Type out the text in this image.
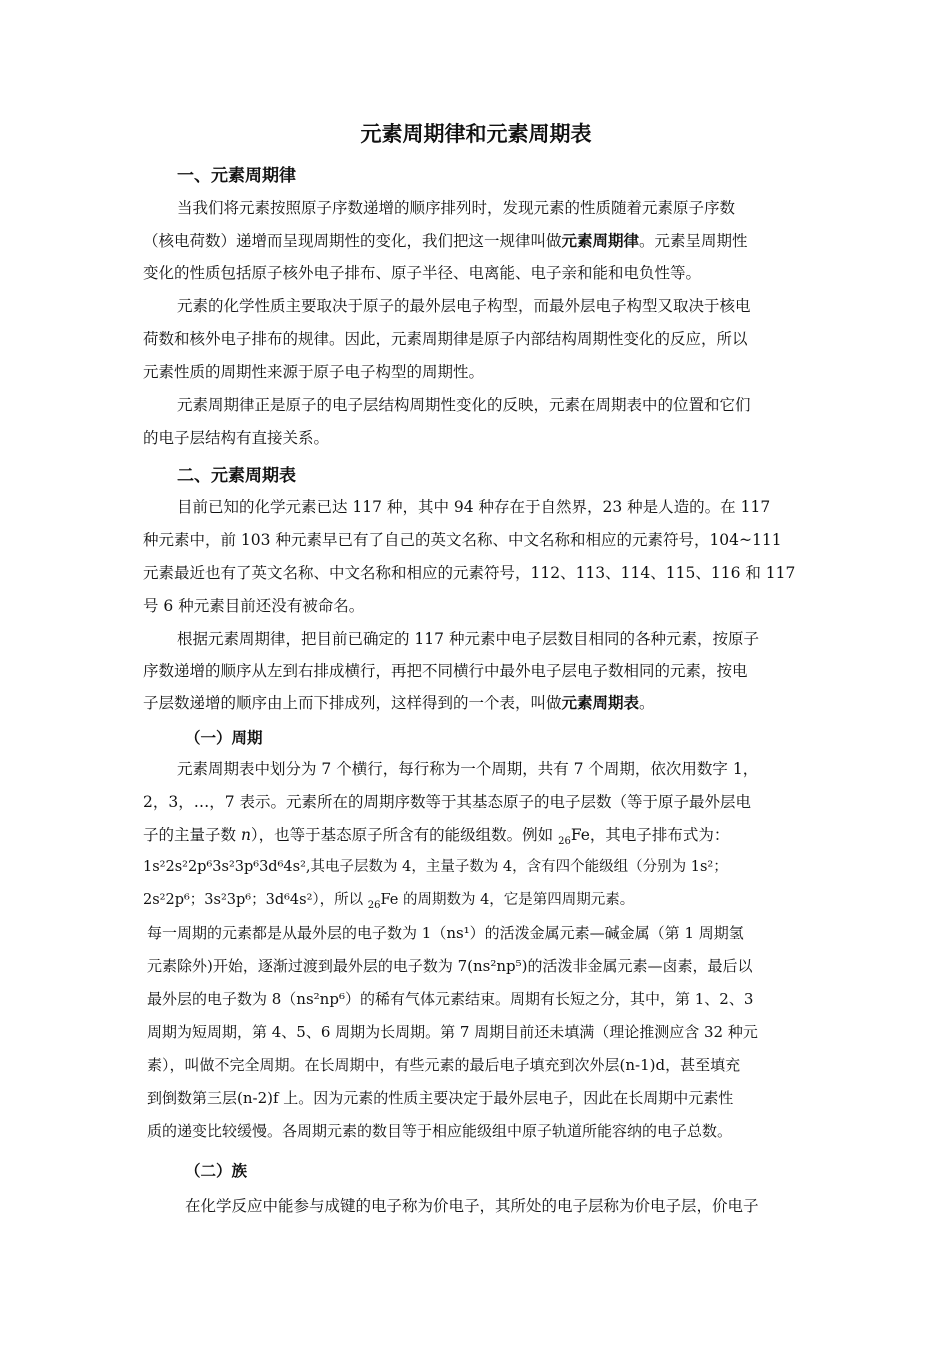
元素周期律和元素周期表
一、元素周期律
当我们将元素按照原子序数递增的顺序排列时，发现元素的性质随着元素原子序数
（核电荷数）递增而呈现周期性的变化，我们把这一规律叫做元素周期律。元素呈周期性
变化的性质包括原子核外电子排布、原子半径、电离能、电子亲和能和电负性等。
元素的化学性质主要取决于原子的最外层电子构型，而最外层电子构型又取决于核电
荷数和核外电子排布的规律。因此，元素周期律是原子内部结构周期性变化的反应，所以
元素性质的周期性来源于原子电子构型的周期性。
元素周期律正是原子的电子层结构周期性变化的反映，元素在周期表中的位置和它们
的电子层结构有直接关系。
二、元素周期表
目前已知的化学元素已达 117 种，其中 94 种存在于自然界，23 种是人造的。在 117
种元素中，前 103 种元素早已有了自己的英文名称、中文名称和相应的元素符号，104~111
元素最近也有了英文名称、中文名称和相应的元素符号，112、113、114、115、116 和 117
号 6 种元素目前还没有被命名。
根据元素周期律，把目前已确定的 117 种元素中电子层数目相同的各种元素，按原子
序数递增的顺序从左到右排成横行，再把不同横行中最外电子层电子数相同的元素，按电
子层数递增的顺序由上而下排成列，这样得到的一个表，叫做元素周期表。
（一）周期
元素周期表中划分为 7 个横行，每行称为一个周期，共有 7 个周期，依次用数字 1，
2，3，…，7 表示。元素所在的周期序数等于其基态原子的电子层数（等于原子最外层电
子的主量子数 n），也等于基态原子所含有的能级组数。例如 $_{26}$Fe，其电子排布式为：
1s²2s²2p⁶3s²3p⁶3d⁶4s²,其电子层数为 4，主量子数为 4，含有四个能级组（分别为 1s²；
2s²2p⁶；3s²3p⁶；3d⁶4s²），所以 $_{26}$Fe 的周期数为 4，它是第四周期元素。
每一周期的元素都是从最外层的电子数为 1（ns¹）的活泼金属元素—碱金属（第 1 周期氢
元素除外)开始，逐渐过渡到最外层的电子数为 7(ns²np⁵)的活泼非金属元素—卤素，最后以
最外层的电子数为 8（ns²np⁶）的稀有气体元素结束。周期有长短之分，其中，第 1、2、3
周期为短周期，第 4、5、6 周期为长周期。第 7 周期目前还未填满（理论推测应含 32 种元
素），叫做不完全周期。在长周期中，有些元素的最后电子填充到次外层(n-1)d，甚至填充
到倒数第三层(n-2)f 上。因为元素的性质主要决定于最外层电子，因此在长周期中元素性
质的递变比较缓慢。各周期元素的数目等于相应能级组中原子轨道所能容纳的电子总数。
（二）族
在化学反应中能参与成键的电子称为价电子，其所处的电子层称为价电子层，价电子
